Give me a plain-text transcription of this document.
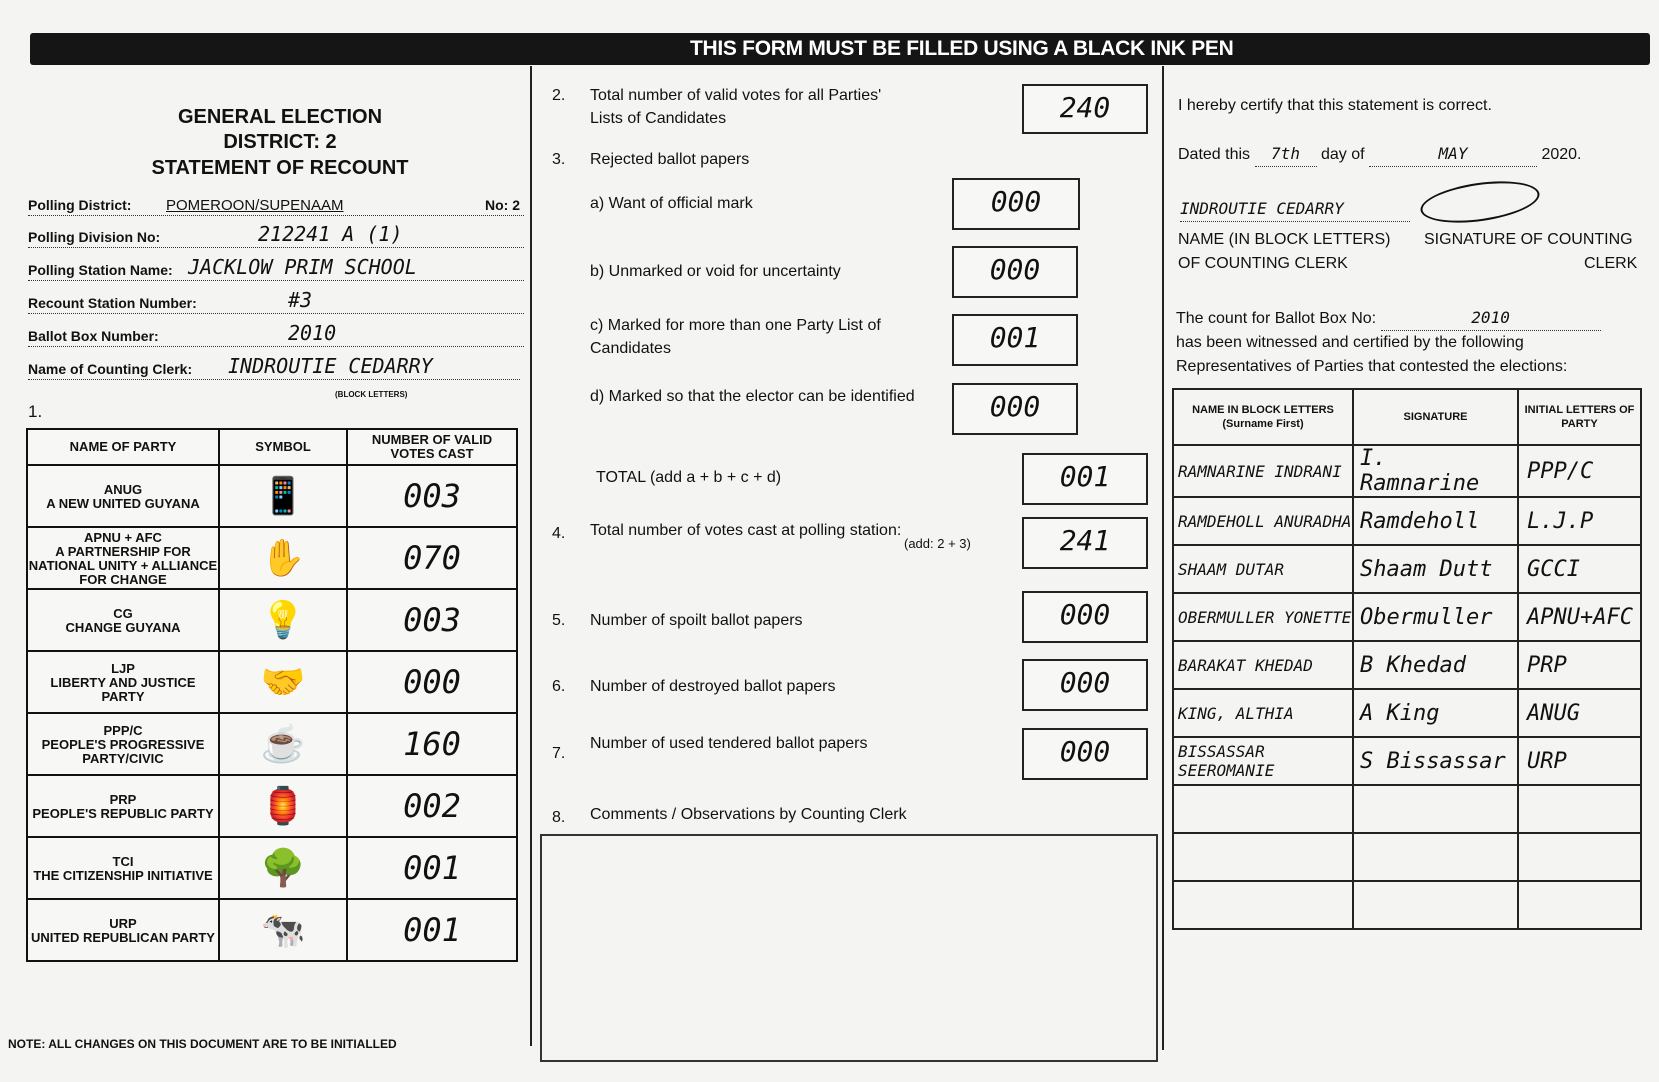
THIS FORM MUST BE FILLED USING A BLACK INK PEN
GENERAL ELECTION
DISTRICT: 2
STATEMENT OF RECOUNT
Polling District: POMEROON/SUPENAAM	No: 2
Polling Division No:	212241 A (1)
Polling Station Name: JACKLOW PRIM SCHOOL
Recount Station Number:	#3
Ballot Box Number:	2010
Name of Counting Clerk: INDROUTIE CEDARRY
(BLOCK LETTERS)
1.
NAME OF PARTY	SYMBOL	NUMBER OF VALID VOTES CAST

ANUG
A NEW UNITED GUYANA	📱	003

APNU + AFC
A PARTNERSHIP FOR NATIONAL UNITY + ALLIANCE FOR CHANGE	✋	070

CG
CHANGE GUYANA	💡	003

LJP
LIBERTY AND JUSTICE PARTY	🤝	000

PPP/C
PEOPLE'S PROGRESSIVE PARTY/CIVIC	☕	160

PRP
PEOPLE'S REPUBLIC PARTY	🏮	002

TCI
THE CITIZENSHIP INITIATIVE	🌳	001

URP
UNITED REPUBLICAN PARTY	🐄	001
NOTE: ALL CHANGES ON THIS DOCUMENT ARE TO BE INITIALLED
2. Total number of valid votes for all Parties' Lists of Candidates	240
3. Rejected ballot papers
a) Want of official mark	000
b) Unmarked or void for uncertainty	000
c) Marked for more than one Party List of Candidates	001
d) Marked so that the elector can be identified	000
TOTAL (add a + b + c + d)	001
4. Total number of votes cast at polling station:
(add: 2 + 3)	241
5. Number of spoilt ballot papers	000
6. Number of destroyed ballot papers	000
7.
Number of used tendered ballot papers	000
8. Comments / Observations by Counting Clerk
I hereby certify that this statement is correct.
Dated this 7th day of	MAY	2020.
INDROUTIE CEDARRY
NAME (IN BLOCK LETTERS)
OF COUNTING CLERK
SIGNATURE OF COUNTING
CLERK
The count for Ballot Box No:	2010
has been witnessed and certified by the following
Representatives of Parties that contested the elections:
NAME IN BLOCK LETTERS (Surname First)	SIGNATURE	INITIAL LETTERS OF PARTY
RAMNARINE INDRANI	I. Ramnarine	PPP/C
RAMDEHOLL ANURADHA	Ramdeholl	L.J.P
SHAAM DUTAR	Shaam Dutt	GCCI
OBERMULLER YONETTE	Obermuller	APNU+AFC
BARAKAT KHEDAD	B Khedad	PRP
KING, ALTHIA	A King	ANUG
BISSASSAR SEEROMANIE	S Bissassar	URP
